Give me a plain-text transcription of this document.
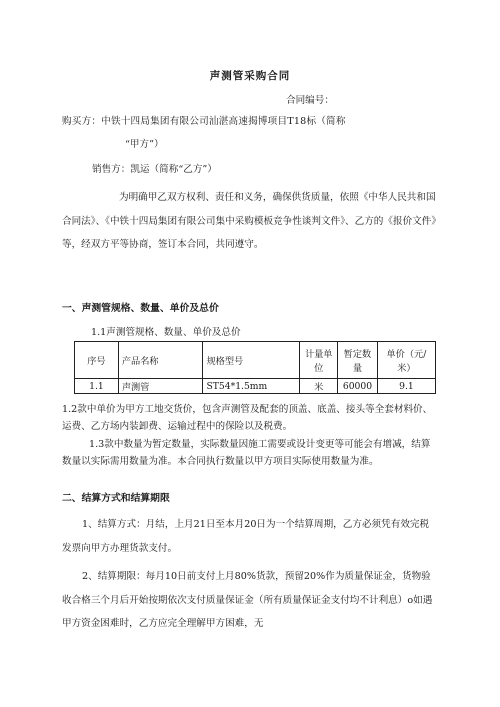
声测管采购合同
合同编号：
购买方：中铁十四局集团有限公司汕湛高速揭博项目T18标（简称
“甲方”）
销售方：凯运（简称“乙方”）
为明确甲乙双方权利、责任和义务，确保供货质量，依照《中华人民共和国合同法》、《中铁十四局集团有限公司集中采购模板竞争性谈判文件》、乙方的《报价文件》等，经双方平等协商，签订本合同，共同遵守。
一、声测管规格、数量、单价及总价
1.1声测管规格、数量、单价及总价
序号	产品名称	规格型号	计量单位	暂定数量	单价（元/米）
1.1	声测管	ST54*1.5mm	米	60000	9.1
1.2款中单价为甲方工地交货价，包含声测管及配套的顶盖、底盖、接头等全套材料价、运费、乙方场内装卸费、运输过程中的保险以及税费。
1.3款中数量为暂定数量，实际数量因施工需要或设计变更等可能会有增减，结算数量以实际需用数量为准。本合同执行数量以甲方项目实际使用数量为准。
二、结算方式和结算期限
1、结算方式：月结，上月21日至本月20日为一个结算周期，乙方必须凭有效完税发票向甲方办理货款支付。
2、结算期限：每月10日前支付上月80%货款，预留20%作为质量保证金，货物验收合格三个月后开始按期依次支付质量保证金（所有质量保证金支付均不计利息）o如遇甲方资金困难时，乙方应完全理解甲方困难，无
